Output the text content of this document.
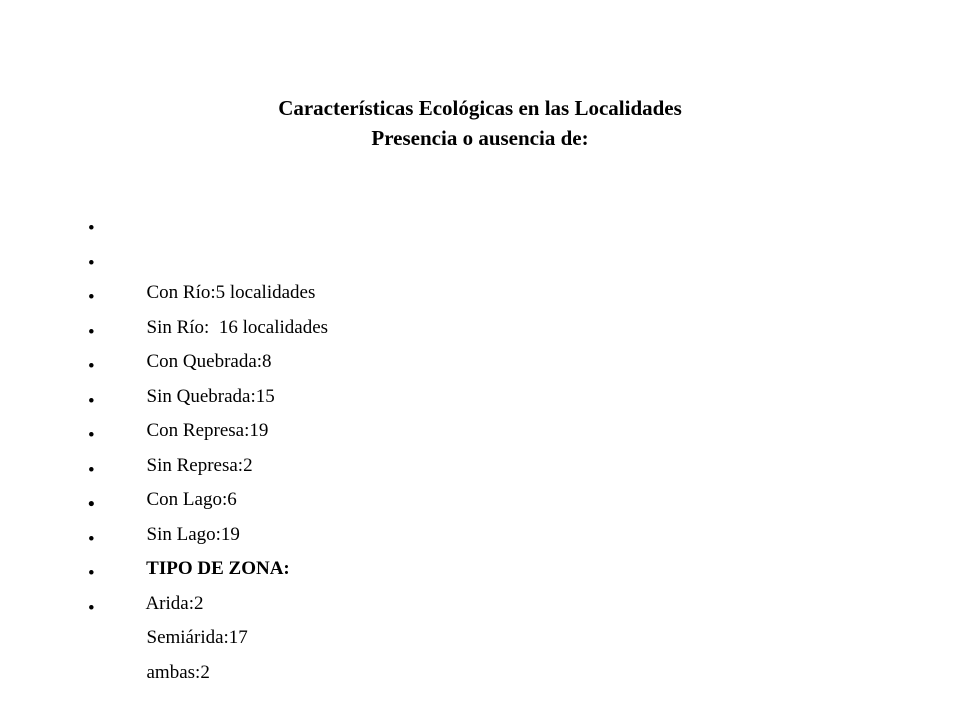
Características Ecológicas en las Localidades
Presencia o ausencia de:

•

Con Río:5 localidades

•

Sin Río:  16 localidades

•

Con Quebrada:8

•

Sin Quebrada:15

•

Con Represa:19

•

Sin Represa:2

•

Con Lago:6

•

Sin Lago:19

•

TIPO DE ZONA:

•

Arida:2

•

Semiárida:17

•

ambas:2
